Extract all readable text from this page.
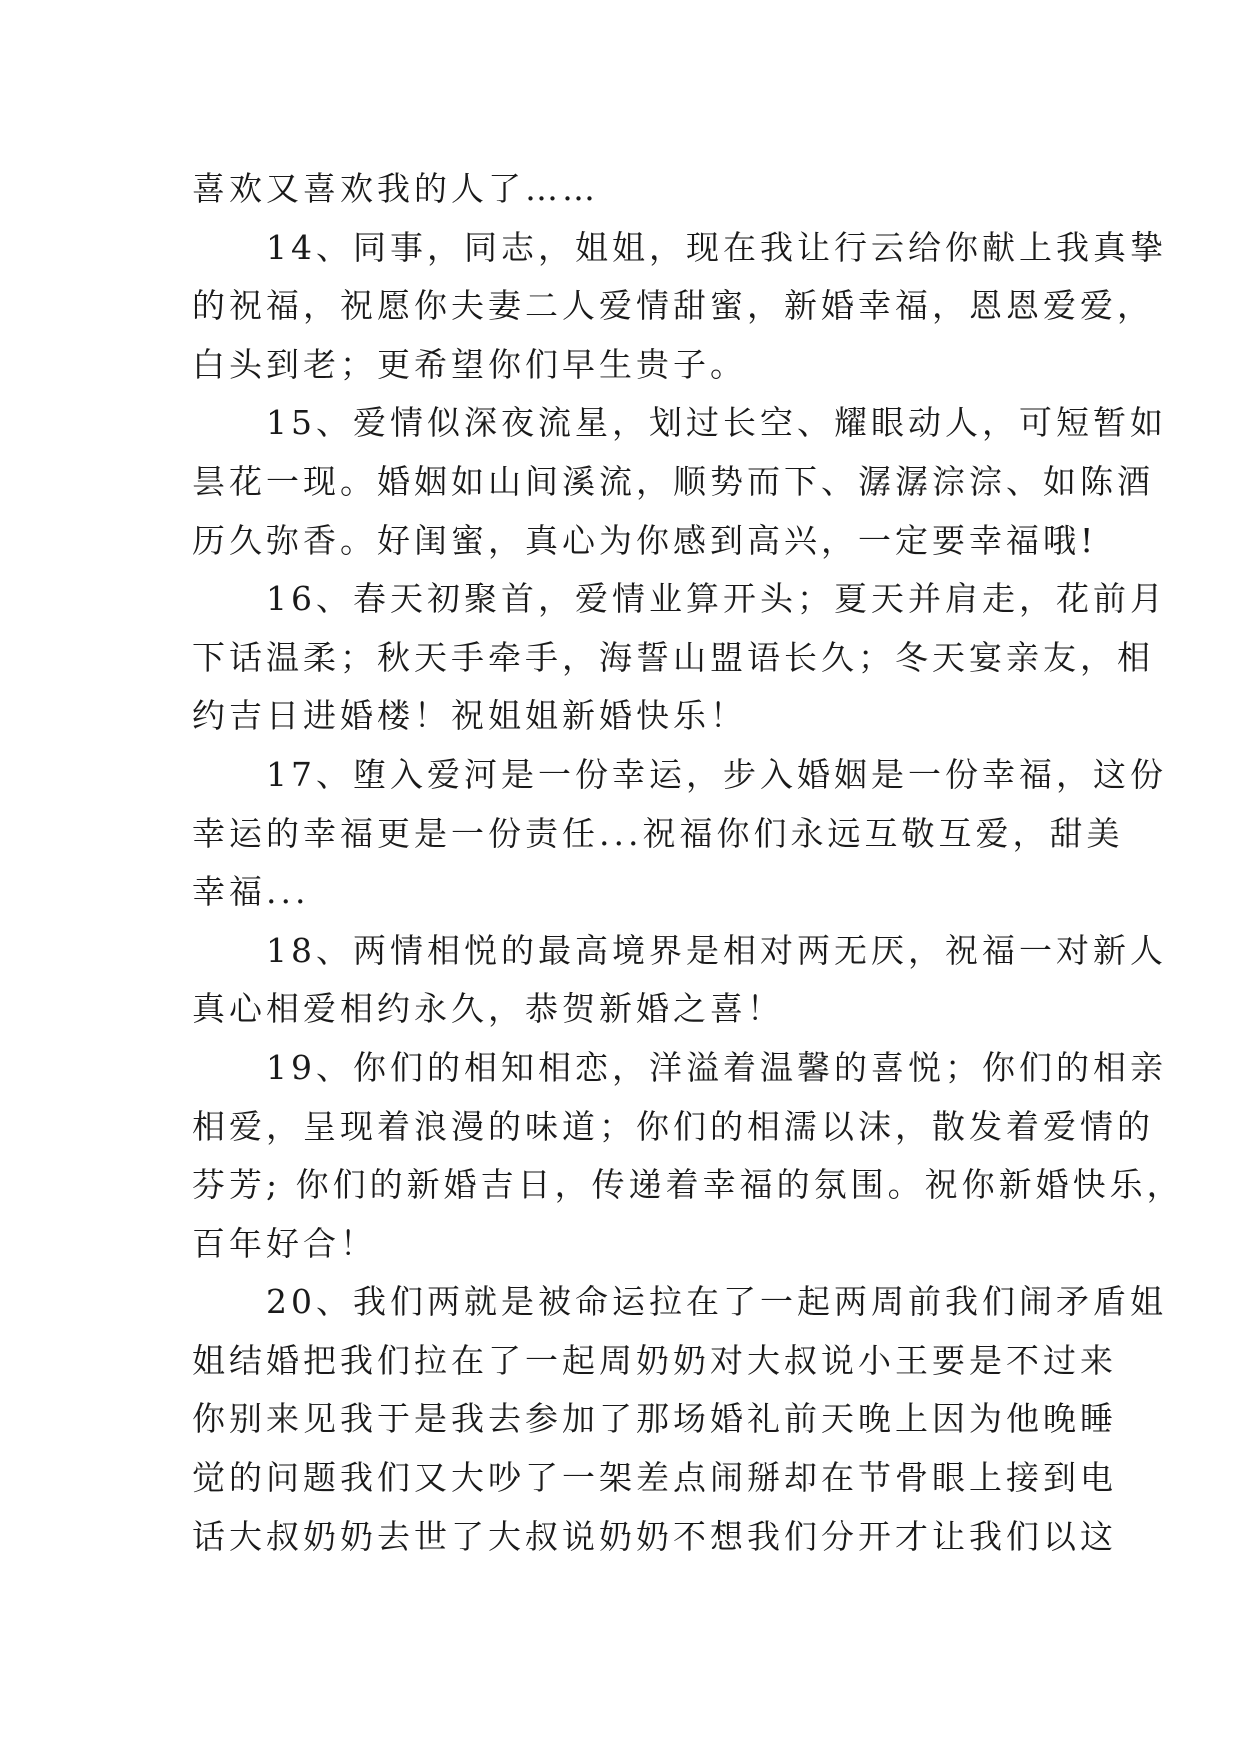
喜欢又喜欢我的人了……
　　14、同事，同志，姐姐，现在我让行云给你献上我真挚
的祝福，祝愿你夫妻二人爱情甜蜜，新婚幸福，恩恩爱爱，
白头到老；更希望你们早生贵子。
　　15、爱情似深夜流星，划过长空、耀眼动人，可短暂如
昙花一现。婚姻如山间溪流，顺势而下、潺潺淙淙、如陈酒
历久弥香。好闺蜜，真心为你感到高兴，一定要幸福哦!
　　16、春天初聚首，爱情业算开头；夏天并肩走，花前月
下话温柔；秋天手牵手，海誓山盟语长久；冬天宴亲友，相
约吉日进婚楼！祝姐姐新婚快乐！
　　17、堕入爱河是一份幸运，步入婚姻是一份幸福，这份
幸运的幸福更是一份责任...祝福你们永远互敬互爱，甜美
幸福...
　　18、两情相悦的最高境界是相对两无厌，祝福一对新人
真心相爱相约永久，恭贺新婚之喜！
　　19、你们的相知相恋，洋溢着温馨的喜悦；你们的相亲
相爱，呈现着浪漫的味道；你们的相濡以沫，散发着爱情的
芬芳; 你们的新婚吉日，传递着幸福的氛围。祝你新婚快乐，
百年好合！
　　20、我们两就是被命运拉在了一起两周前我们闹矛盾姐
姐结婚把我们拉在了一起周奶奶对大叔说小王要是不过来
你别来见我于是我去参加了那场婚礼前天晚上因为他晚睡
觉的问题我们又大吵了一架差点闹掰却在节骨眼上接到电
话大叔奶奶去世了大叔说奶奶不想我们分开才让我们以这
